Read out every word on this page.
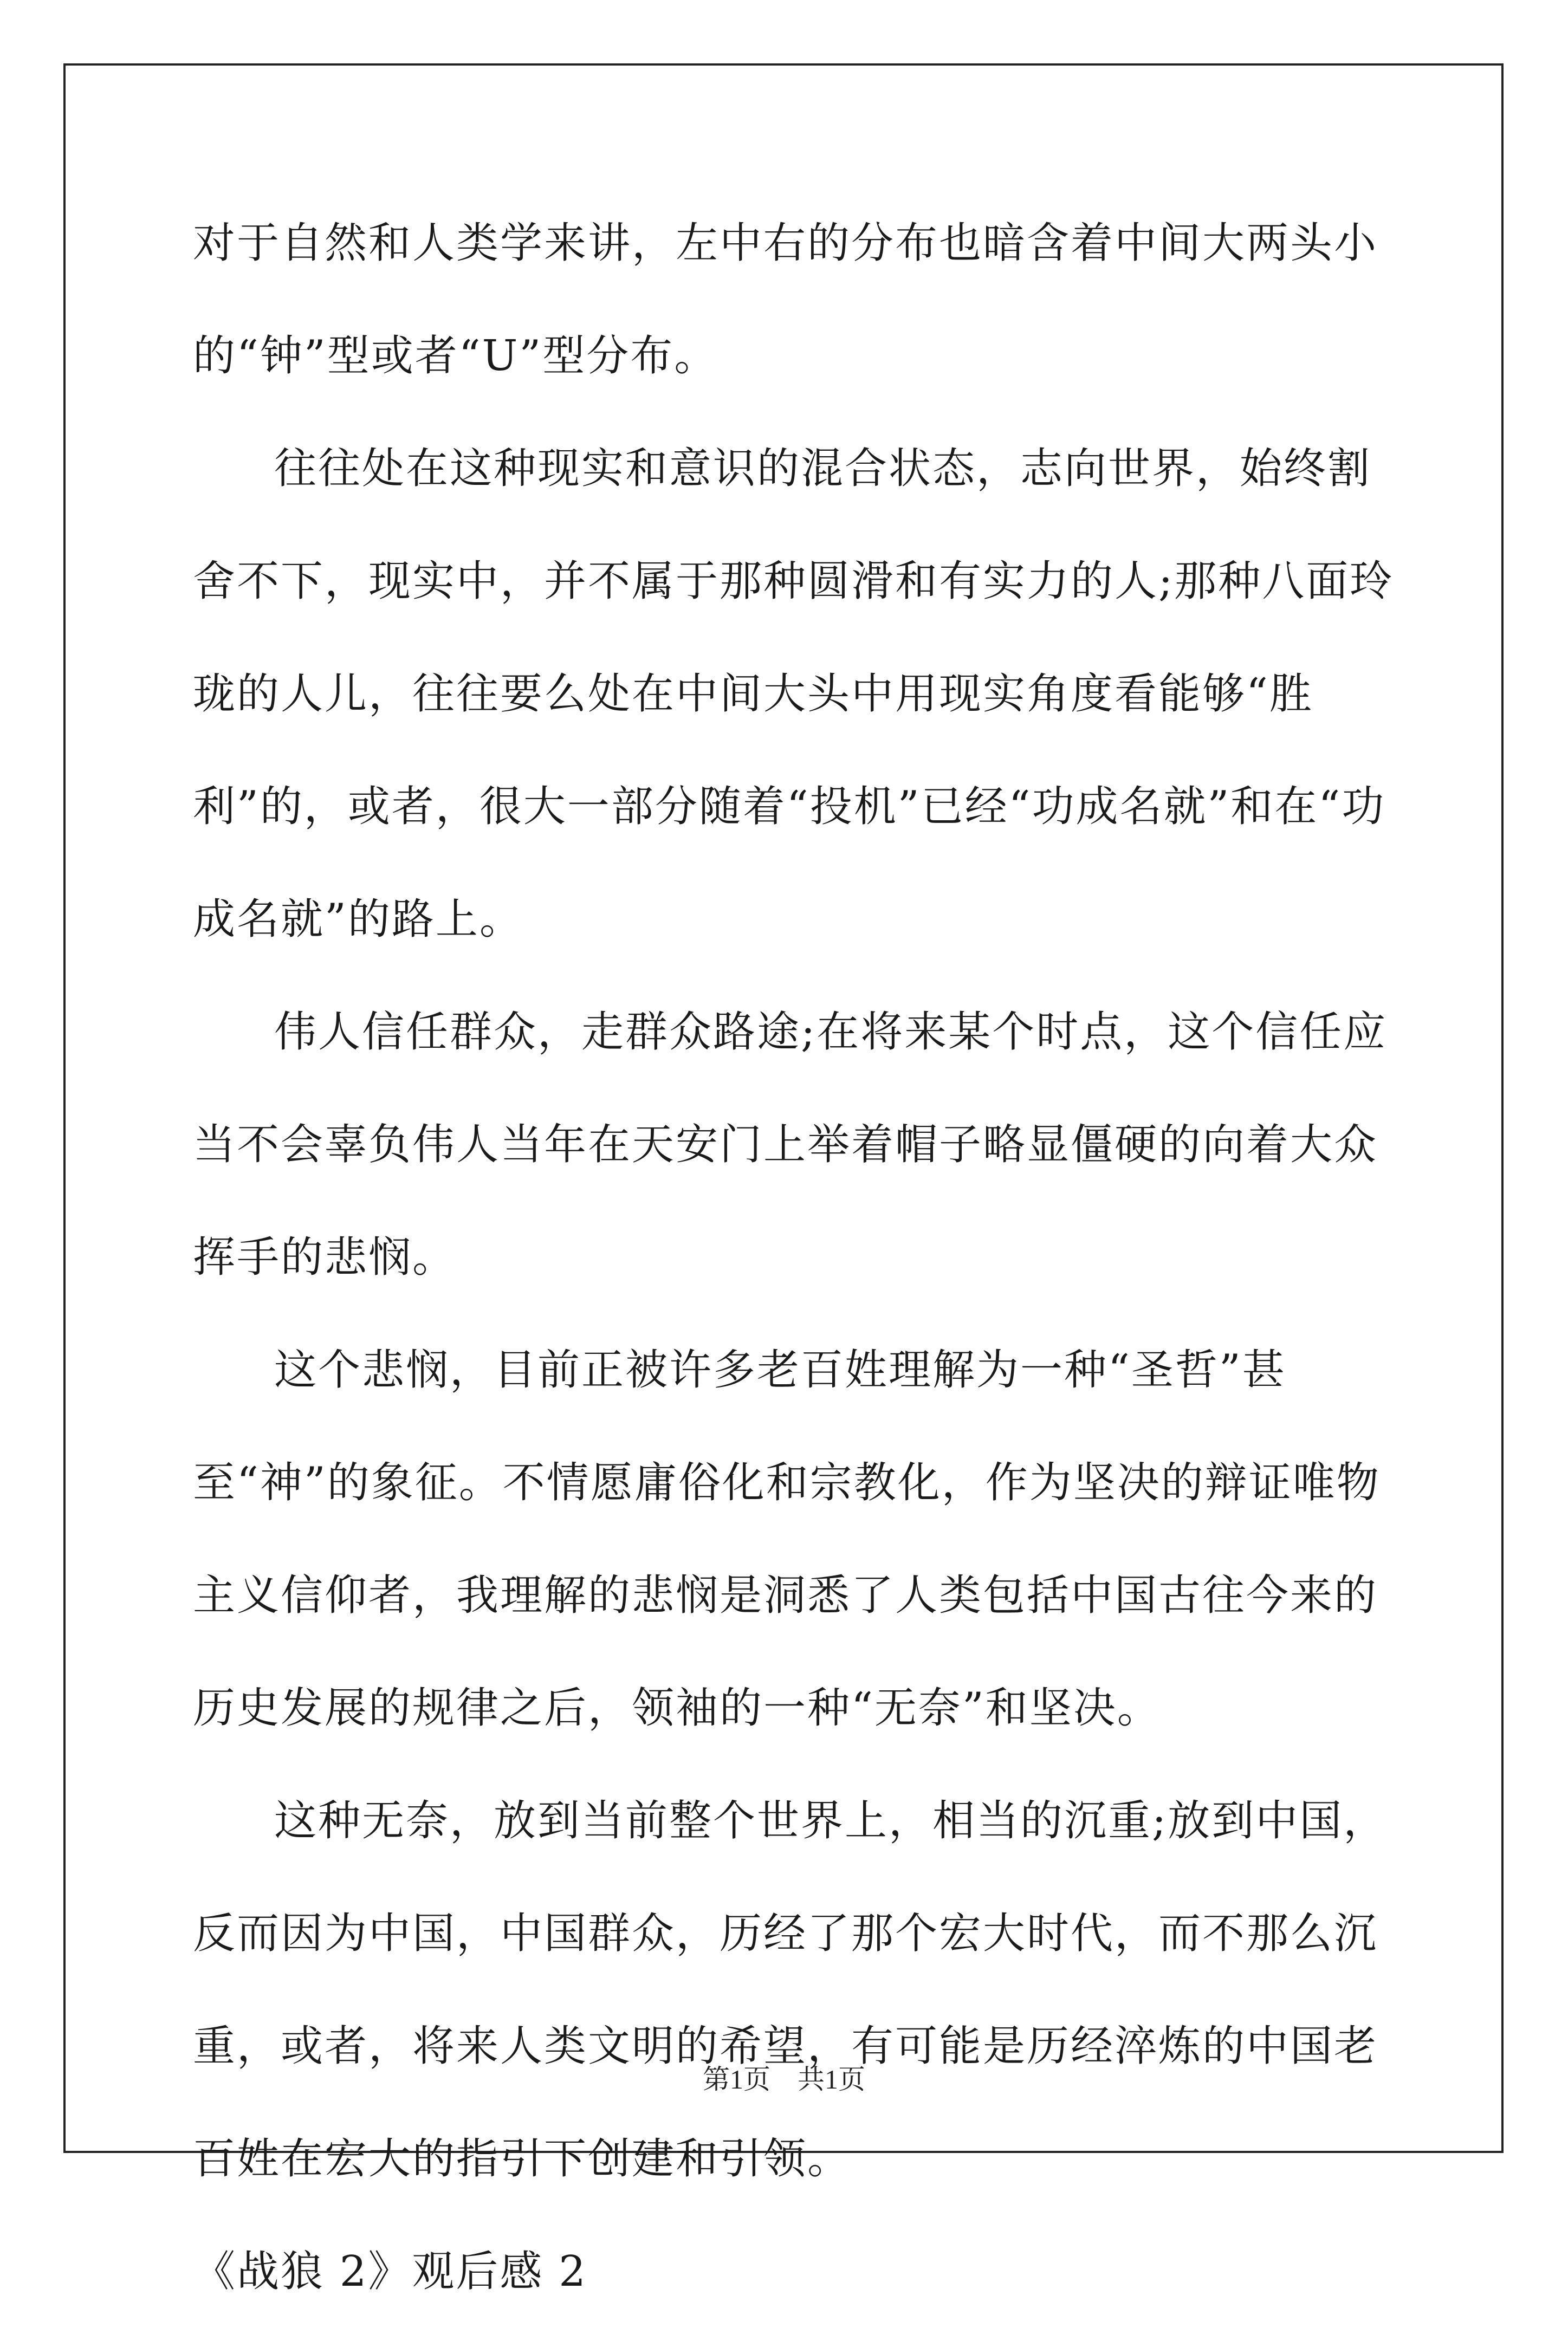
对于自然和人类学来讲，左中右的分布也暗含着中间大两头小的“钟”型或者“U”型分布。

往往处在这种现实和意识的混合状态，志向世界，始终割舍不下，现实中，并不属于那种圆滑和有实力的人;那种八面玲珑的人儿，往往要么处在中间大头中用现实角度看能够“胜利”的，或者，很大一部分随着“投机”已经“功成名就”和在“功成名就”的路上。

伟人信任群众，走群众路途;在将来某个时点，这个信任应当不会辜负伟人当年在天安门上举着帽子略显僵硬的向着大众挥手的悲悯。

这个悲悯，目前正被许多老百姓理解为一种“圣哲”甚至“神”的象征。不情愿庸俗化和宗教化，作为坚决的辩证唯物主义信仰者，我理解的悲悯是洞悉了人类包括中国古往今来的历史发展的规律之后，领袖的一种“无奈”和坚决。

这种无奈，放到当前整个世界上，相当的沉重;放到中国，反而因为中国，中国群众，历经了那个宏大时代，而不那么沉重，或者，将来人类文明的希望，有可能是历经淬炼的中国老百姓在宏大的指引下创建和引领。

《战狼 2》观后感 2

第1页　共1页
